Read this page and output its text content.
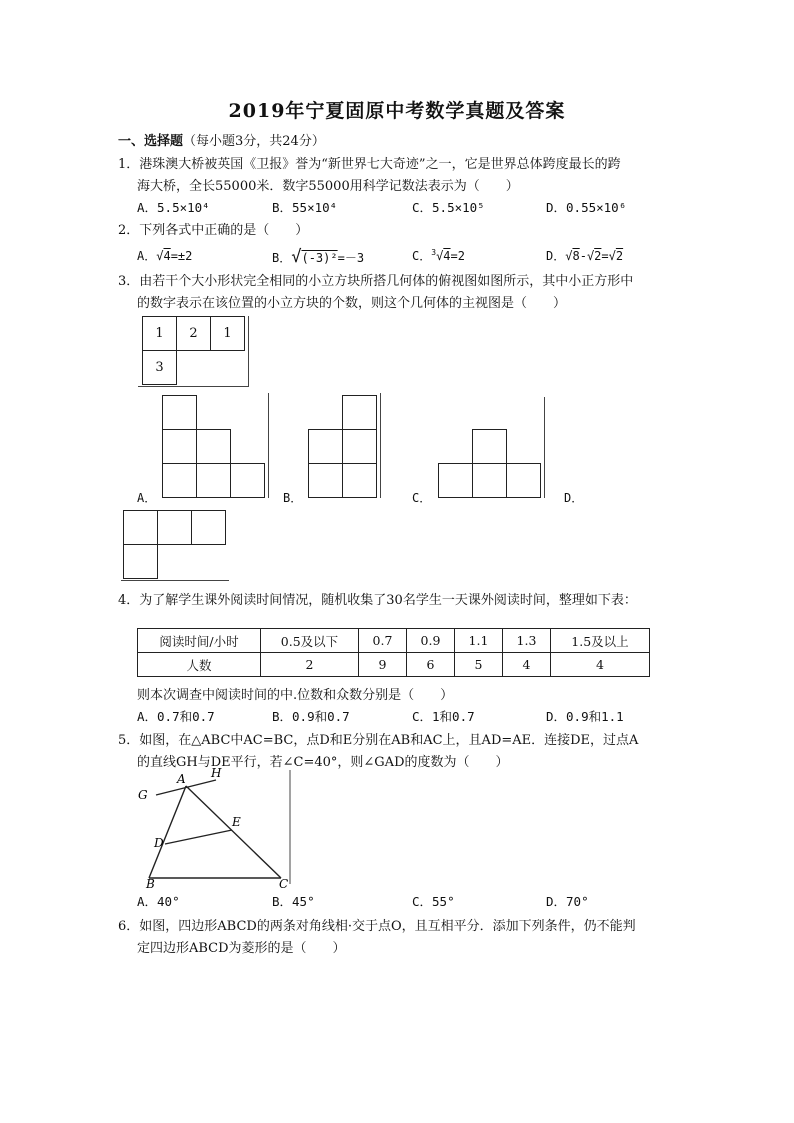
2019年宁夏固原中考数学真题及答案
一、选择题（每小题3分，共24分）
1．港珠澳大桥被英国《卫报》誉为“新世界七大奇迹”之一，它是世界总体跨度最长的跨
海大桥，全长55000米．数字55000用科学记数法表示为（　　）
A．5.5×10⁴	B．55×10⁴	C．5.5×10⁵	D．0.55×10⁶
2．下列各式中正确的是（　　）
A．√4=±2	B．√(-3)²=－3	C．$^3$√4=2	D．√8-√2=√2
3．由若干个大小形状完全相同的小立方块所搭几何体的俯视图如图所示，其中小正方形中
的数字表示在该位置的小立方块的个数，则这个几何体的主视图是（　　）
1	2	1
3
A．	B．	C．	D．
4．为了解学生课外阅读时间情况，随机收集了30名学生一天课外阅读时间，整理如下表：
阅读时间/小时	0.5及以下	0.7	0.9	1.1	1.3	1.5及以上
人数	2	9	6	5	4	4
则本次调查中阅读时间的中.位数和众数分别是（　　）
A．0.7和0.7	B．0.9和0.7	C．1和0.7	D．0.9和1.1
5．如图，在△ABC中AC=BC，点D和E分别在AB和AC上，且AD=AE．连接DE，过点A
的直线GH与DE平行，若∠C=40°，则∠GAD的度数为（　　）
A H
G
E
D
B	C
A．40°	B．45°	C．55°	D．70°
6．如图，四边形ABCD的两条对角线相·交于点O，且互相平分．添加下列条件，仍不能判
定四边形ABCD为菱形的是（　　）
